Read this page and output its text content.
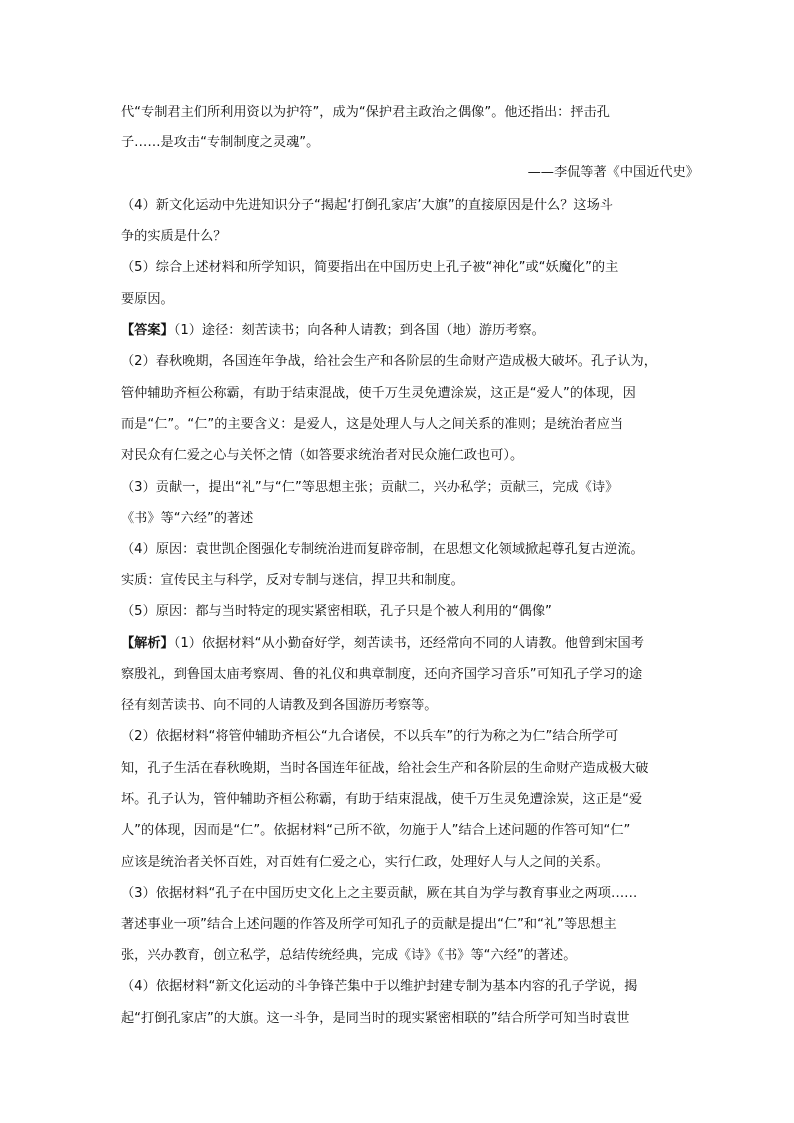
代“专制君主们所利用资以为护符”，成为“保护君主政治之偶像”。他还指出：抨击孔
子……是攻击“专制制度之灵魂”。
——李侃等著《中国近代史》
（4）新文化运动中先进知识分子“揭起‘打倒孔家店’大旗”的直接原因是什么？这场斗
争的实质是什么？
（5）综合上述材料和所学知识，简要指出在中国历史上孔子被“神化”或“妖魔化”的主
要原因。
【答案】（1）途径：刻苦读书；向各种人请教；到各国（地）游历考察。
（2）春秋晚期，各国连年争战，给社会生产和各阶层的生命财产造成极大破坏。孔子认为，
管仲辅助齐桓公称霸，有助于结束混战，使千万生灵免遭涂炭，这正是“爱人”的体现，因
而是“仁”。“仁”的主要含义：是爱人，这是处理人与人之间关系的准则；是统治者应当
对民众有仁爱之心与关怀之情（如答要求统治者对民众施仁政也可）。
（3）贡献一，提出“礼”与“仁”等思想主张；贡献二，兴办私学；贡献三，完成《诗》
《书》等“六经”的著述
（4）原因：袁世凯企图强化专制统治进而复辟帝制，在思想文化领域掀起尊孔复古逆流。
实质：宣传民主与科学，反对专制与迷信，捍卫共和制度。
（5）原因：都与当时特定的现实紧密相联，孔子只是个被人利用的“偶像”
【解析】（1）依据材料“从小勤奋好学，刻苦读书，还经常向不同的人请教。他曾到宋国考
察殷礼，到鲁国太庙考察周、鲁的礼仪和典章制度，还向齐国学习音乐”可知孔子学习的途
径有刻苦读书、向不同的人请教及到各国游历考察等。
（2）依据材料“将管仲辅助齐桓公“九合诸侯，不以兵车”的行为称之为仁”结合所学可
知，孔子生活在春秋晚期，当时各国连年征战，给社会生产和各阶层的生命财产造成极大破
坏。孔子认为，管仲辅助齐桓公称霸，有助于结束混战，使千万生灵免遭涂炭，这正是“爱
人”的体现，因而是“仁”。依据材料“己所不欲，勿施于人”结合上述问题的作答可知“仁”
应该是统治者关怀百姓，对百姓有仁爱之心，实行仁政，处理好人与人之间的关系。
（3）依据材料“孔子在中国历史文化上之主要贡献，厥在其自为学与教育事业之两项……
著述事业一项”结合上述问题的作答及所学可知孔子的贡献是提出“仁”和“礼”等思想主
张，兴办教育，创立私学，总结传统经典，完成《诗》《书》等“六经”的著述。
（4）依据材料“新文化运动的斗争锋芒集中于以维护封建专制为基本内容的孔子学说，揭
起“打倒孔家店”的大旗。这一斗争，是同当时的现实紧密相联的”结合所学可知当时袁世
